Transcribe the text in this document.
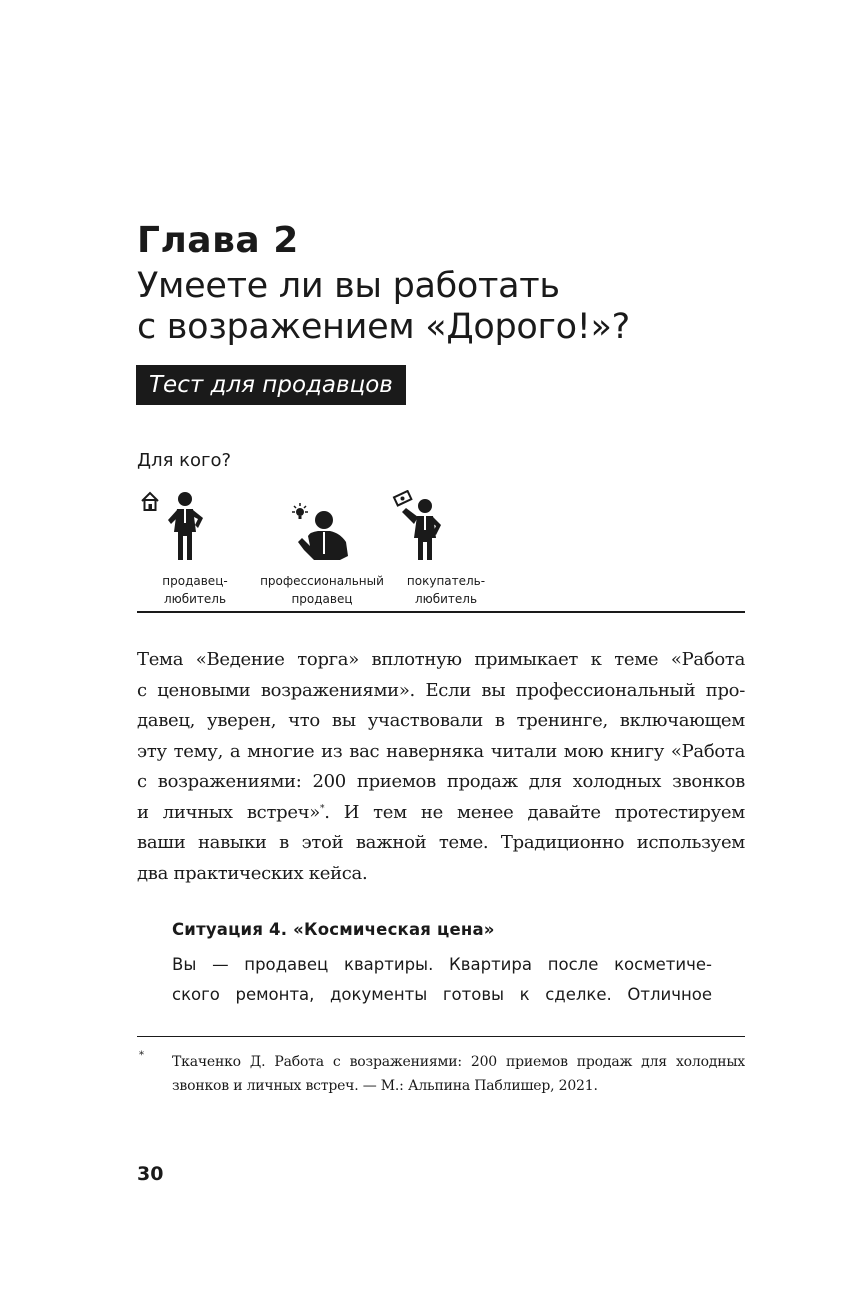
Глава 2
Умеете ли вы работать
с возражением «Дорого!»?
Тест для продавцов
Для кого?
продавец-
любитель
профессиональный
продавец
покупатель-
любитель
Тема «Ведение торга» вплотную примыкает к теме «Работа
с ценовыми возражениями». Если вы профессиональный про-
давец, уверен, что вы участвовали в тренинге, включающем
эту тему, а многие из вас наверняка читали мою книгу «Работа
с возражениями: 200 приемов продаж для холодных звонков
и личных встреч»*. И тем не менее давайте протестируем
ваши навыки в этой важной теме. Традиционно используем
два практических кейса.
Ситуация 4. «Космическая цена»
Вы — продавец квартиры. Квартира после косметиче-
ского ремонта, документы готовы к сделке. Отличное
* Ткаченко Д. Работа с возражениями: 200 приемов продаж для холодных
звонков и личных встреч. — М.: Альпина Паблишер, 2021.
30
